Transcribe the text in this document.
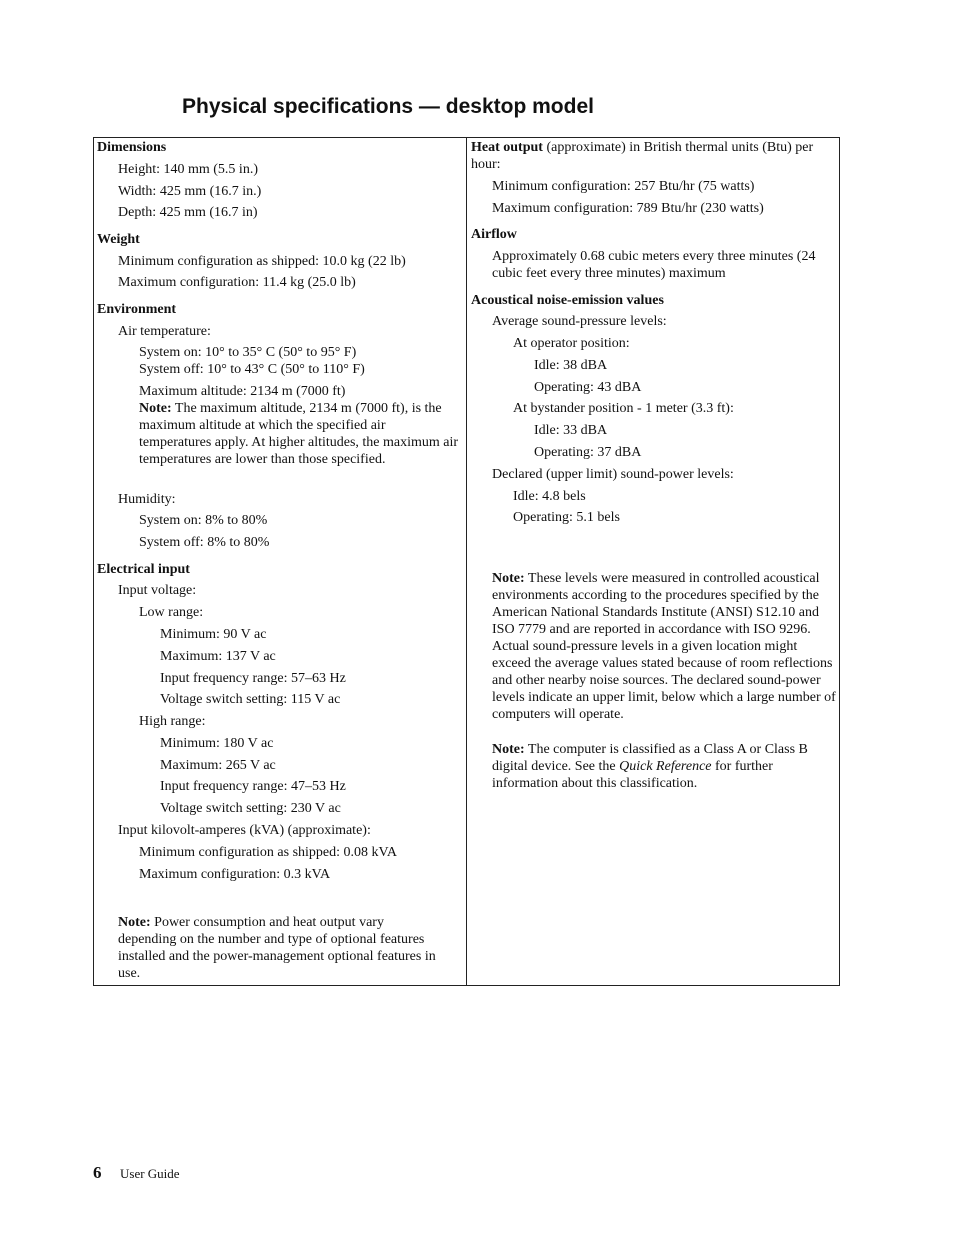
Physical specifications — desktop model

Dimensions

Height: 140 mm (5.5 in.)

Width: 425 mm (16.7 in.)

Depth: 425 mm (16.7 in)

Weight

Minimum configuration as shipped: 10.0 kg (22 lb)

Maximum configuration: 11.4 kg (25.0 lb)

Environment

Air temperature:

System on: 10° to 35° C (50° to 95° F)

System off: 10° to 43° C (50° to 110° F)

Maximum altitude: 2134 m (7000 ft)

Note: The maximum altitude, 2134 m (7000 ft), is the maximum altitude at which the specified air temperatures apply. At higher altitudes, the maximum air temperatures are lower than those specified.

Humidity:

System on: 8% to 80%

System off: 8% to 80%

Electrical input

Input voltage:

Low range:

Minimum: 90 V ac

Maximum: 137 V ac

Input frequency range: 57–63 Hz

Voltage switch setting: 115 V ac

High range:

Minimum: 180 V ac

Maximum: 265 V ac

Input frequency range: 47–53 Hz

Voltage switch setting: 230 V ac

Input kilovolt-amperes (kVA) (approximate):

Minimum configuration as shipped: 0.08 kVA

Maximum configuration: 0.3 kVA

Note: Power consumption and heat output vary depending on the number and type of optional features installed and the power-management optional features in use.

Heat output (approximate) in British thermal units (Btu) per hour:

Minimum configuration: 257 Btu/hr (75 watts)

Maximum configuration: 789 Btu/hr (230 watts)

Airflow

Approximately 0.68 cubic meters every three minutes (24 cubic feet every three minutes) maximum

Acoustical noise-emission values

Average sound-pressure levels:

At operator position:

Idle: 38 dBA

Operating: 43 dBA

At bystander position - 1 meter (3.3 ft):

Idle: 33 dBA

Operating: 37 dBA

Declared (upper limit) sound-power levels:

Idle: 4.8 bels

Operating: 5.1 bels

Note: These levels were measured in controlled acoustical environments according to the procedures specified by the American National Standards Institute (ANSI) S12.10 and ISO 7779 and are reported in accordance with ISO 9296. Actual sound-pressure levels in a given location might exceed the average values stated because of room reflections and other nearby noise sources. The declared sound-power levels indicate an upper limit, below which a large number of computers will operate.

Note: The computer is classified as a Class A or Class B digital device. See the Quick Reference for further information about this classification.

6 User Guide
